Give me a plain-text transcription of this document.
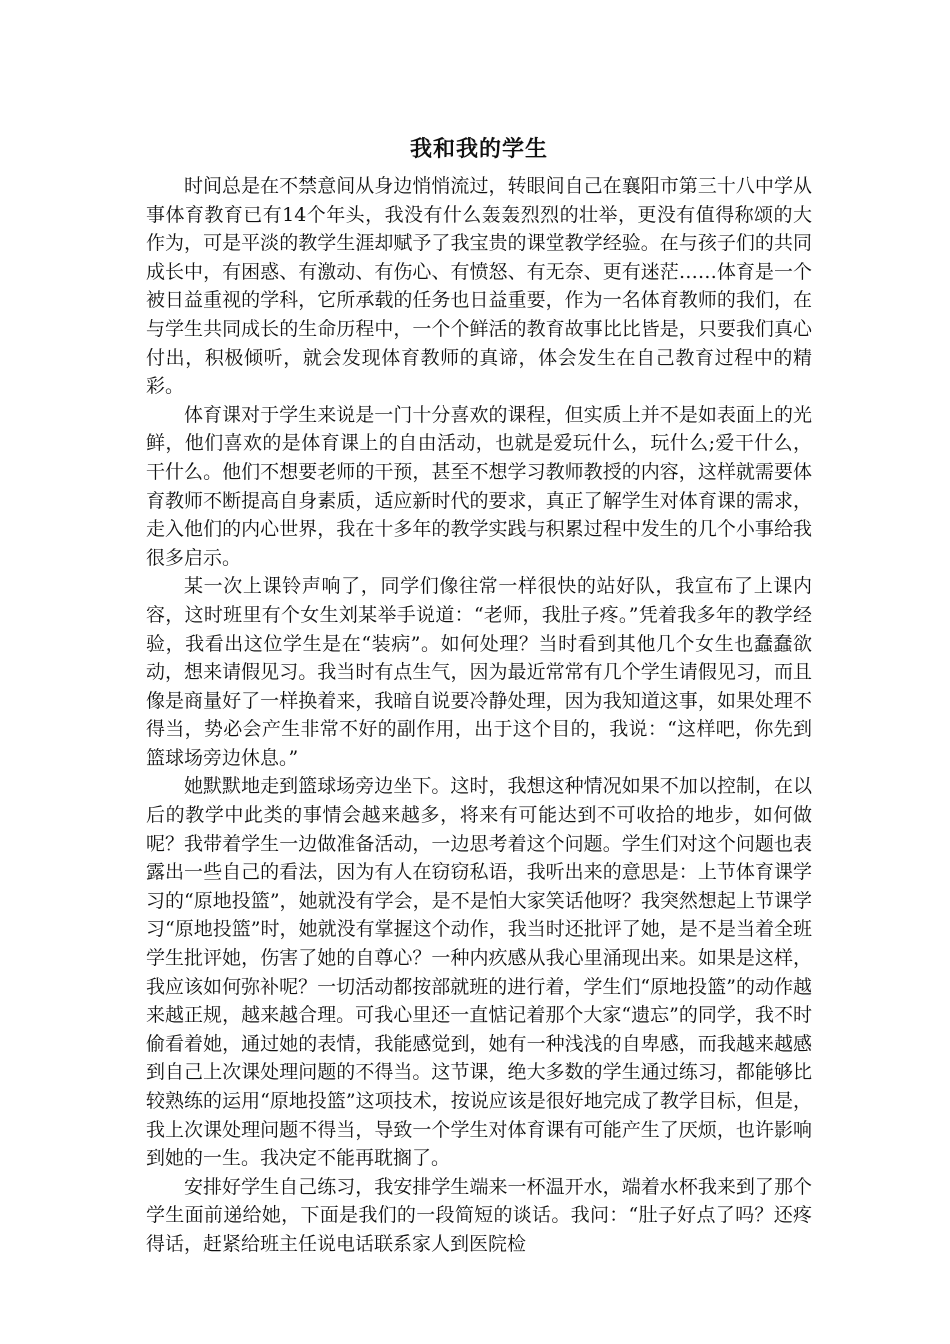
我和我的学生

时间总是在不禁意间从身边悄悄流过，转眼间自己在襄阳市第三十八中学从事体育教育已有14个年头，我没有什么轰轰烈烈的壮举，更没有值得称颂的大作为，可是平淡的教学生涯却赋予了我宝贵的课堂教学经验。在与孩子们的共同成长中，有困惑、有激动、有伤心、有愤怒、有无奈、更有迷茫……体育是一个被日益重视的学科，它所承载的任务也日益重要，作为一名体育教师的我们，在与学生共同成长的生命历程中，一个个鲜活的教育故事比比皆是，只要我们真心付出，积极倾听，就会发现体育教师的真谛，体会发生在自己教育过程中的精彩。

体育课对于学生来说是一门十分喜欢的课程，但实质上并不是如表面上的光鲜，他们喜欢的是体育课上的自由活动，也就是爱玩什么，玩什么;爱干什么，干什么。他们不想要老师的干预，甚至不想学习教师教授的内容，这样就需要体育教师不断提高自身素质，适应新时代的要求，真正了解学生对体育课的需求，走入他们的内心世界，我在十多年的教学实践与积累过程中发生的几个小事给我很多启示。

某一次上课铃声响了，同学们像往常一样很快的站好队，我宣布了上课内容，这时班里有个女生刘某举手说道：“老师，我肚子疼。”凭着我多年的教学经验，我看出这位学生是在“装病”。如何处理？当时看到其他几个女生也蠢蠢欲动，想来请假见习。我当时有点生气，因为最近常常有几个学生请假见习，而且像是商量好了一样换着来，我暗自说要冷静处理，因为我知道这事，如果处理不得当，势必会产生非常不好的副作用，出于这个目的，我说：“这样吧，你先到篮球场旁边休息。”

她默默地走到篮球场旁边坐下。这时，我想这种情况如果不加以控制，在以后的教学中此类的事情会越来越多，将来有可能达到不可收拾的地步，如何做呢？我带着学生一边做准备活动，一边思考着这个问题。学生们对这个问题也表露出一些自己的看法，因为有人在窃窃私语，我听出来的意思是：上节体育课学习的“原地投篮”，她就没有学会，是不是怕大家笑话他呀？我突然想起上节课学习“原地投篮”时，她就没有掌握这个动作，我当时还批评了她，是不是当着全班学生批评她，伤害了她的自尊心？一种内疚感从我心里涌现出来。如果是这样，我应该如何弥补呢？一切活动都按部就班的进行着，学生们“原地投篮”的动作越来越正规，越来越合理。可我心里还一直惦记着那个大家“遗忘”的同学，我不时偷看着她，通过她的表情，我能感觉到，她有一种浅浅的自卑感，而我越来越感到自己上次课处理问题的不得当。这节课，绝大多数的学生通过练习，都能够比较熟练的运用“原地投篮”这项技术，按说应该是很好地完成了教学目标，但是，我上次课处理问题不得当，导致一个学生对体育课有可能产生了厌烦，也许影响到她的一生。我决定不能再耽搁了。

安排好学生自己练习，我安排学生端来一杯温开水，端着水杯我来到了那个学生面前递给她，下面是我们的一段简短的谈话。我问：“肚子好点了吗？还疼得话，赶紧给班主任说电话联系家人到医院检
